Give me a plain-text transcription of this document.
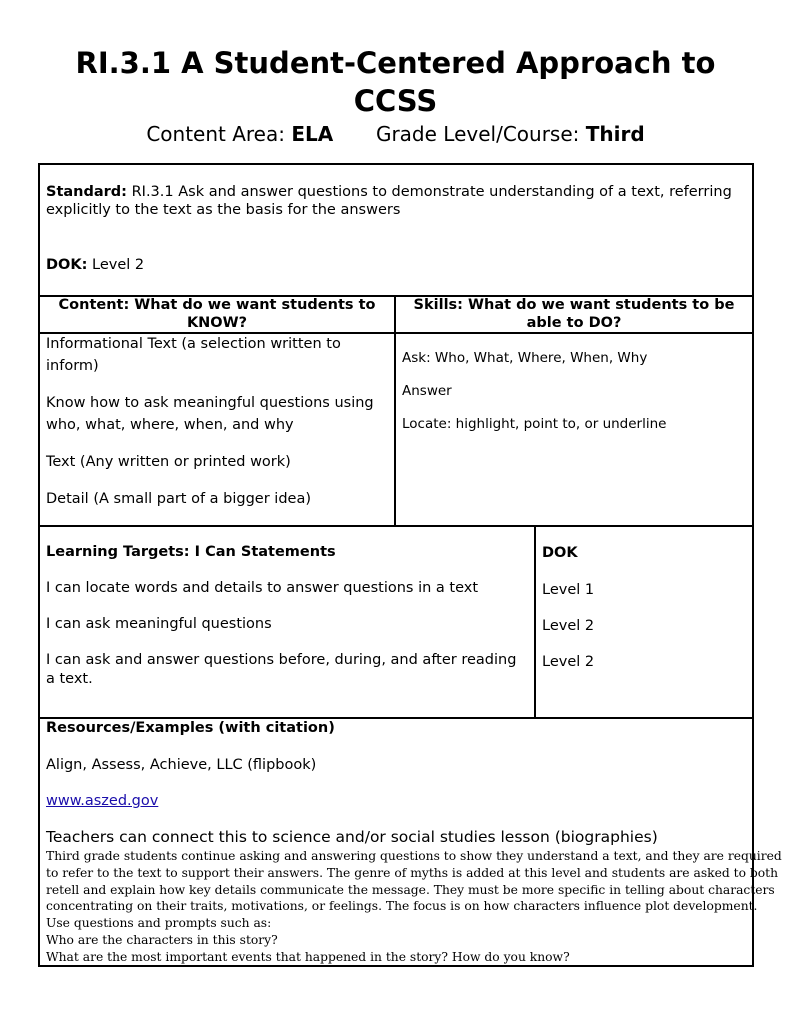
RI.3.1 A Student-Centered Approach to CCSS
Content Area: ELA Grade Level/Course: Third
Standard: RI.3.1 Ask and answer questions to demonstrate understanding of a text, referring explicitly to the text as the basis for the answers
DOK: Level 2
Content: What do we want students to KNOW?
Skills: What do we want students to be able to DO?

Informational Text (a selection written to inform)

Know how to ask meaningful questions using who, what, where, when, and why

Text (Any written or printed work)

Detail (A small part of a bigger idea)

Ask: Who, What, Where, When, Why

Answer

Locate: highlight, point to, or underline

Learning Targets: I Can Statements

I can locate words and details to answer questions in a text

I can ask meaningful questions

I can ask and answer questions before, during, and after reading a text.

DOK

Level 1

Level 2

Level 2

Resources/Examples (with citation)

Align, Assess, Achieve, LLC (flipbook)

www.aszed.gov

Teachers can connect this to science and/or social studies lesson (biographies)

Third grade students continue asking and answering questions to show they understand a text, and they are required
to refer to the text to support their answers. The genre of myths is added at this level and students are asked to both
retell and explain how key details communicate the message. They must be more specific in telling about characters
concentrating on their traits, motivations, or feelings. The focus is on how characters influence plot development.
Use questions and prompts such as:
Who are the characters in this story?
What are the most important events that happened in the story? How do you know?
